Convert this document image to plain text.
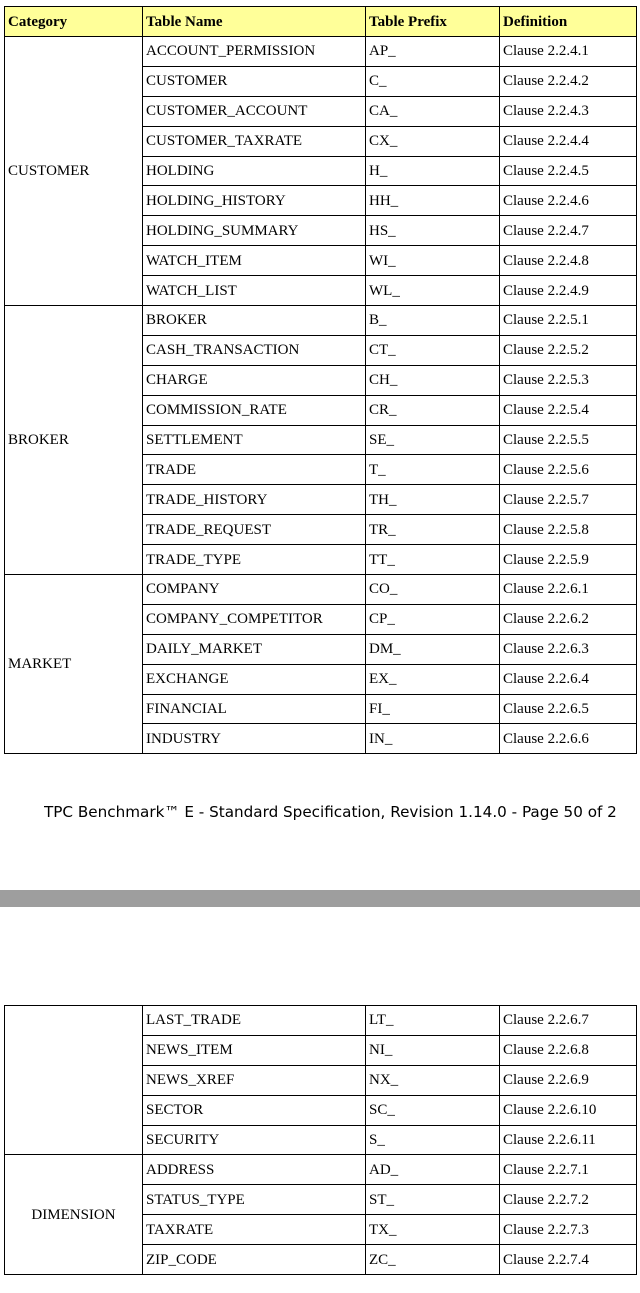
Category	Table Name	Table Prefix	Definition
CUSTOMER	ACCOUNT_PERMISSION	AP_	Clause 2.2.4.1
	CUSTOMER	C_	Clause 2.2.4.2
	CUSTOMER_ACCOUNT	CA_	Clause 2.2.4.3
	CUSTOMER_TAXRATE	CX_	Clause 2.2.4.4
	HOLDING	H_	Clause 2.2.4.5
	HOLDING_HISTORY	HH_	Clause 2.2.4.6
	HOLDING_SUMMARY	HS_	Clause 2.2.4.7
	WATCH_ITEM	WI_	Clause 2.2.4.8
	WATCH_LIST	WL_	Clause 2.2.4.9
BROKER	BROKER	B_	Clause 2.2.5.1
	CASH_TRANSACTION	CT_	Clause 2.2.5.2
	CHARGE	CH_	Clause 2.2.5.3
	COMMISSION_RATE	CR_	Clause 2.2.5.4
	SETTLEMENT	SE_	Clause 2.2.5.5
	TRADE	T_	Clause 2.2.5.6
	TRADE_HISTORY	TH_	Clause 2.2.5.7
	TRADE_REQUEST	TR_	Clause 2.2.5.8
	TRADE_TYPE	TT_	Clause 2.2.5.9
MARKET	COMPANY	CO_	Clause 2.2.6.1
	COMPANY_COMPETITOR	CP_	Clause 2.2.6.2
	DAILY_MARKET	DM_	Clause 2.2.6.3
	EXCHANGE	EX_	Clause 2.2.6.4
	FINANCIAL	FI_	Clause 2.2.6.5
	INDUSTRY	IN_	Clause 2.2.6.6
TPC Benchmark™ E - Standard Specification, Revision 1.14.0 - Page 50 of 2
	LAST_TRADE	LT_	Clause 2.2.6.7
	NEWS_ITEM	NI_	Clause 2.2.6.8
	NEWS_XREF	NX_	Clause 2.2.6.9
	SECTOR	SC_	Clause 2.2.6.10
	SECURITY	S_	Clause 2.2.6.11
DIMENSION	ADDRESS	AD_	Clause 2.2.7.1
	STATUS_TYPE	ST_	Clause 2.2.7.2
	TAXRATE	TX_	Clause 2.2.7.3
	ZIP_CODE	ZC_	Clause 2.2.7.4
